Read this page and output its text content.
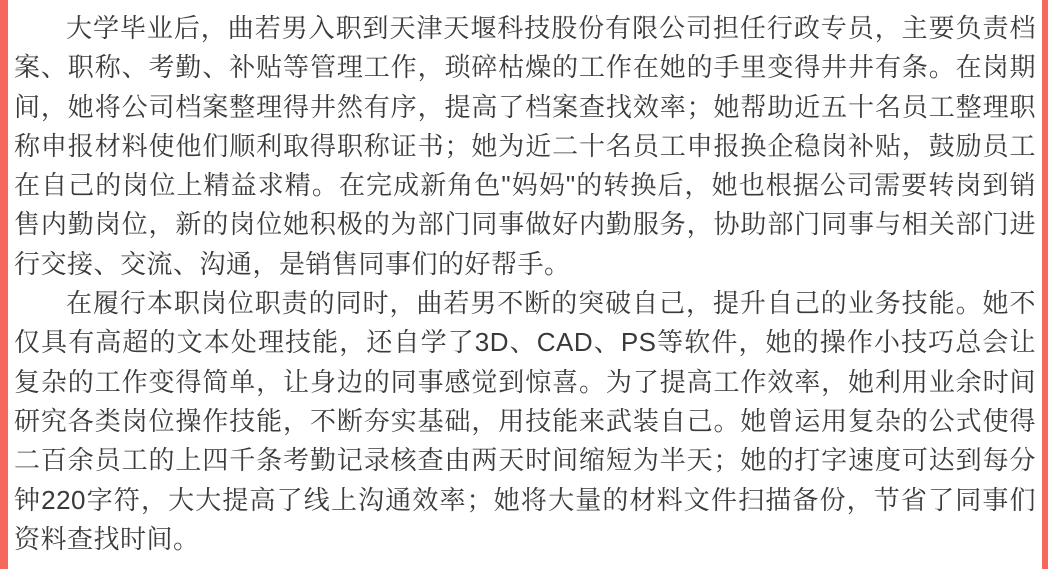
大学毕业后，曲若男入职到天津天堰科技股份有限公司担任行政专员，主要负责档案、职称、考勤、补贴等管理工作，琐碎枯燥的工作在她的手里变得井井有条。在岗期间，她将公司档案整理得井然有序，提高了档案查找效率；她帮助近五十名员工整理职称申报材料使他们顺利取得职称证书；她为近二十名员工申报换企稳岗补贴，鼓励员工在自己的岗位上精益求精。在完成新角色"妈妈"的转换后，她也根据公司需要转岗到销售内勤岗位，新的岗位她积极的为部门同事做好内勤服务，协助部门同事与相关部门进行交接、交流、沟通，是销售同事们的好帮手。

在履行本职岗位职责的同时，曲若男不断的突破自己，提升自己的业务技能。她不仅具有高超的文本处理技能，还自学了3D、CAD、PS等软件，她的操作小技巧总会让复杂的工作变得简单，让身边的同事感觉到惊喜。为了提高工作效率，她利用业余时间研究各类岗位操作技能，不断夯实基础，用技能来武装自己。她曾运用复杂的公式使得二百余员工的上四千条考勤记录核查由两天时间缩短为半天；她的打字速度可达到每分钟220字符，大大提高了线上沟通效率；她将大量的材料文件扫描备份，节省了同事们资料查找时间。
